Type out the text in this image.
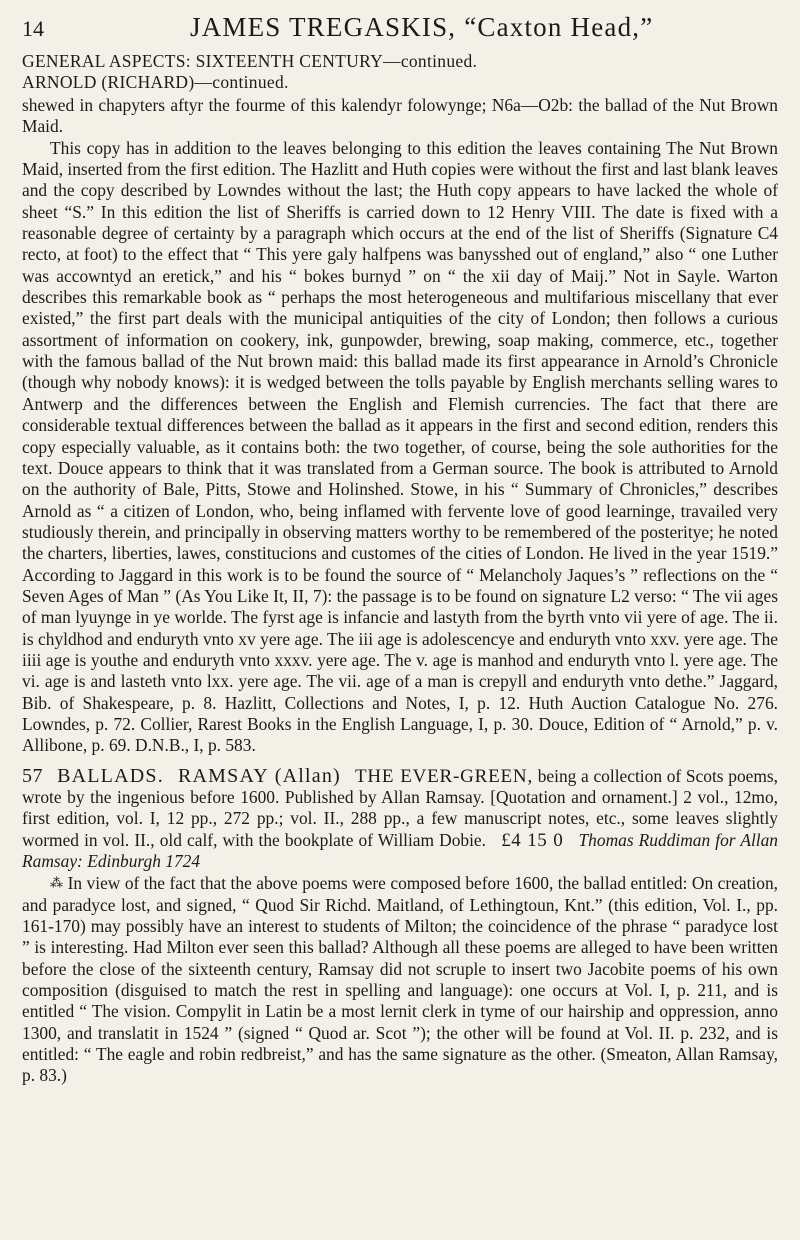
14	JAMES TREGASKIS, “Caxton Head,”
GENERAL ASPECTS: SIXTEENTH CENTURY—continued.
ARNOLD (RICHARD)—continued.

shewed in chapyters aftyr the fourme of this kalendyr folowynge; N6a—O2b: the ballad of the Nut Brown Maid.

This copy has in addition to the leaves belonging to this edition the leaves containing The Nut Brown Maid, inserted from the first edition. The Hazlitt and Huth copies were without the first and last blank leaves and the copy described by Lowndes without the last; the Huth copy appears to have lacked the whole of sheet “S.” In this edition the list of Sheriffs is carried down to 12 Henry VIII. The date is fixed with a reasonable degree of certainty by a paragraph which occurs at the end of the list of Sheriffs (Signature C4 recto, at foot) to the effect that “ This yere galy halfpens was banysshed out of england,” also “ one Luther was accowntyd an eretick,” and his “ bokes burnyd ” on “ the xii day of Maij.” Not in Sayle. Warton describes this remarkable book as “ perhaps the most heterogeneous and multifarious miscellany that ever existed,” the first part deals with the municipal antiquities of the city of London; then follows a curious assortment of information on cookery, ink, gunpowder, brewing, soap making, commerce, etc., together with the famous ballad of the Nut brown maid: this ballad made its first appearance in Arnold’s Chronicle (though why nobody knows): it is wedged between the tolls payable by English merchants selling wares to Antwerp and the differences between the English and Flemish currencies. The fact that there are considerable textual differences between the ballad as it appears in the first and second edition, renders this copy especially valuable, as it contains both: the two together, of course, being the sole authorities for the text. Douce appears to think that it was translated from a German source. The book is attributed to Arnold on the authority of Bale, Pitts, Stowe and Holinshed. Stowe, in his “ Summary of Chronicles,” describes Arnold as “ a citizen of London, who, being inflamed with fervente love of good learninge, travailed very studiously therein, and principally in observing matters worthy to be remembered of the posteritye; he noted the charters, liberties, lawes, constitucions and customes of the cities of London. He lived in the year 1519.” According to Jaggard in this work is to be found the source of “ Melancholy Jaques’s ” reflections on the “ Seven Ages of Man ” (As You Like It, II, 7): the passage is to be found on signature L2 verso: “ The vii ages of man lyuynge in ye worlde. The fyrst age is infancie and lastyth from the byrth vnto vii yere of age. The ii. is chyldhod and enduryth vnto xv yere age. The iii age is adolescencye and enduryth vnto xxv. yere age. The iiii age is youthe and enduryth vnto xxxv. yere age. The v. age is manhod and enduryth vnto l. yere age. The vi. age is and lasteth vnto lxx. yere age. The vii. age of a man is crepyll and enduryth vnto dethe.” Jaggard, Bib. of Shakespeare, p. 8. Hazlitt, Collections and Notes, I, p. 12. Huth Auction Catalogue No. 276. Lowndes, p. 72. Collier, Rarest Books in the English Language, I, p. 30. Douce, Edition of “ Arnold,” p. v. Allibone, p. 69. D.N.B., I, p. 583.

57 BALLADS. RAMSAY (Allan) THE EVER-GREEN, being a collection of Scots poems, wrote by the ingenious before 1600. Published by Allan Ramsay. [Quotation and ornament.] 2 vol., 12mo, first edition, vol. I, 12 pp., 272 pp.; vol. II., 288 pp., a few manuscript notes, etc., some leaves slightly wormed in vol. II., old calf, with the bookplate of William Dobie. £4 15 0 Thomas Ruddiman for Allan Ramsay: Edinburgh 1724

⁂ In view of the fact that the above poems were composed before 1600, the ballad entitled: On creation, and paradyce lost, and signed, “ Quod Sir Richd. Maitland, of Lethingtoun, Knt.” (this edition, Vol. I., pp. 161-170) may possibly have an interest to students of Milton; the coincidence of the phrase “ paradyce lost ” is interesting. Had Milton ever seen this ballad? Although all these poems are alleged to have been written before the close of the sixteenth century, Ramsay did not scruple to insert two Jacobite poems of his own composition (disguised to match the rest in spelling and language): one occurs at Vol. I, p. 211, and is entitled “ The vision. Compylit in Latin be a most lernit clerk in tyme of our hairship and oppression, anno 1300, and translatit in 1524 ” (signed “ Quod ar. Scot ”); the other will be found at Vol. II. p. 232, and is entitled: “ The eagle and robin redbreist,” and has the same signature as the other. (Smeaton, Allan Ramsay, p. 83.)
